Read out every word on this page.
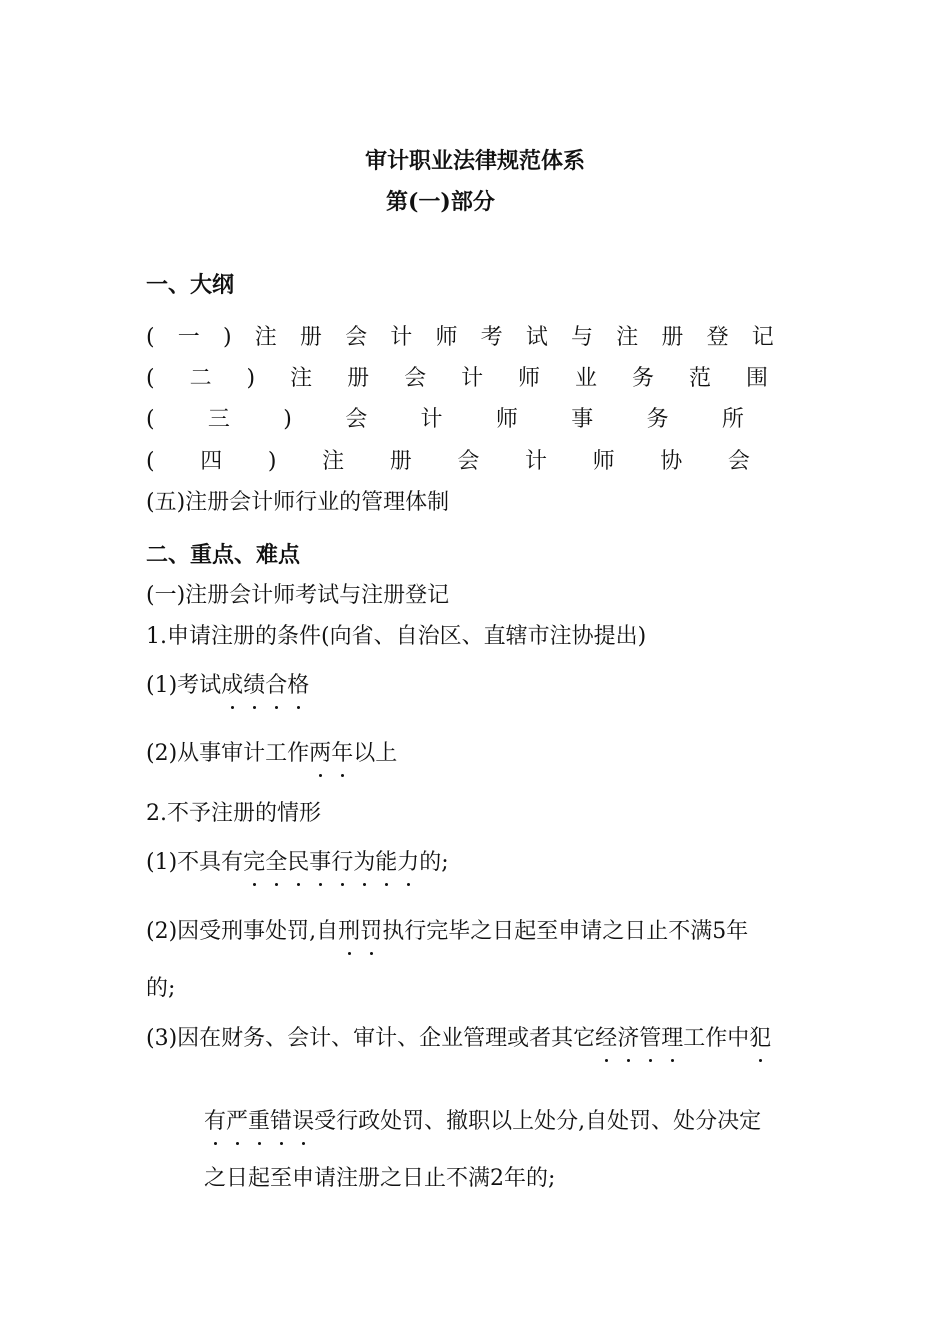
审计职业法律规范体系
第(一)部分
一、大纲
( 一 ) 注 册 会 计 师 考 试 与 注 册 登 记
( 二 ) 注 册 会 计 师 业 务 范 围
( 三 ) 会 计 师 事 务 所
( 四 ) 注 册 会 计 师 协 会
(五)注册会计师行业的管理体制
二、重点、难点
(一)注册会计师考试与注册登记
1.申请注册的条件(向省、自治区、直辖市注协提出)
(1)考试成绩合格
(2)从事审计工作两年以上
2.不予注册的情形
(1)不具有完全民事行为能力的;
(2)因受刑事处罚,自刑罚执行完毕之日起至申请之日止不满5年
的;
(3)因在财务、会计、审计、企业管理或者其它经济管理工作中犯
有严重错误受行政处罚、撤职以上处分,自处罚、处分决定
之日起至申请注册之日止不满2年的;
